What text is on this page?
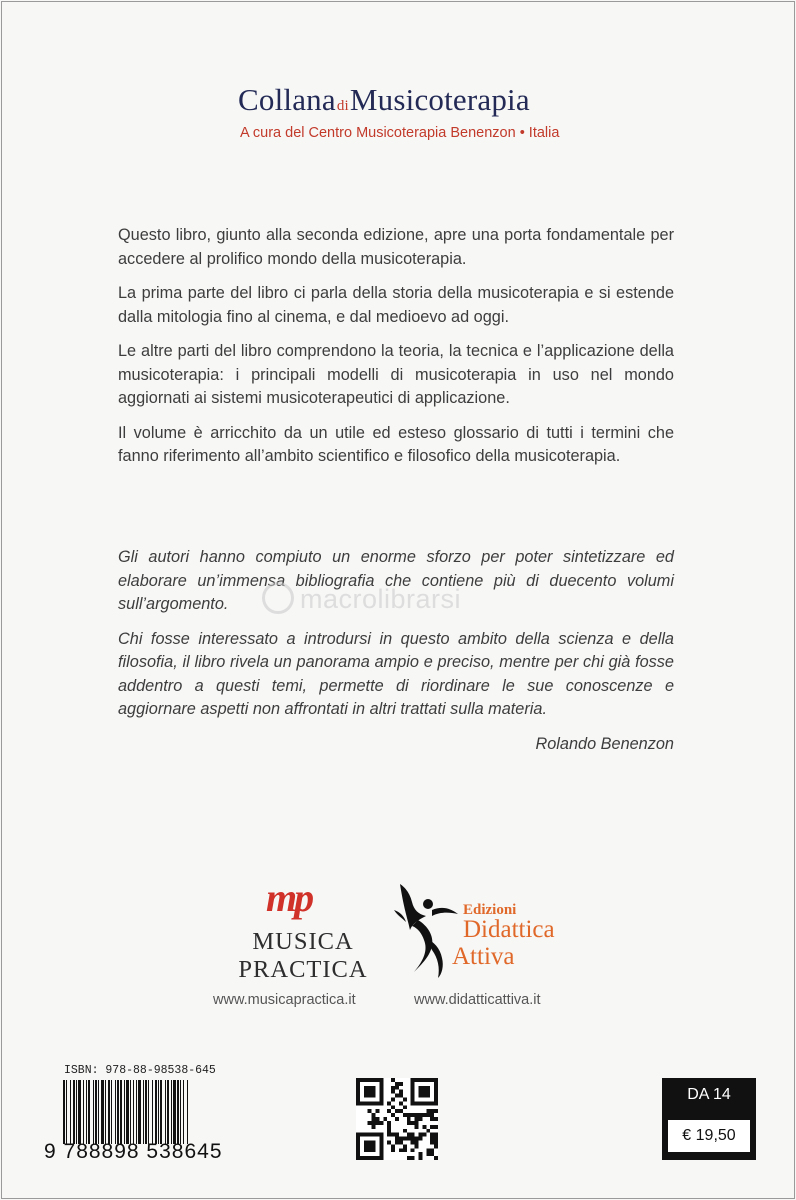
CollanadiMusicoterapia
A cura del Centro Musicoterapia Benenzon • Italia

Questo libro, giunto alla seconda edizione, apre una porta fondamentale per accedere al prolifico mondo della musicoterapia.

La prima parte del libro ci parla della storia della musicoterapia e si estende dalla mitologia fino al cinema, e dal medioevo ad oggi.

Le altre parti del libro comprendono la teoria, la tecnica e l’applicazione della musicoterapia: i principali modelli di musicoterapia in uso nel mondo aggiornati ai sistemi musicoterapeutici di applicazione.

Il volume è arricchito da un utile ed esteso glossario di tutti i termini che fanno riferimento all’ambito scientifico e filosofico della musicoterapia.

Gli autori hanno compiuto un enorme sforzo per poter sintetizzare ed elaborare un’immensa bibliografia che contiene più di duecento volumi sull’argomento.

Chi fosse interessato a introdursi in questo ambito della scienza e della filosofia, il libro rivela un panorama ampio e preciso, mentre per chi già fosse addentro a questi temi, permette di riordinare le sue conoscenze e aggiornare aspetti non affrontati in altri trattati sulla materia.

Rolando Benenzon

macrolibrarsi
mp
MUSICA
PRACTICA
www.musicapractica.it
Edizioni
Didattica
Attiva
www.didatticattiva.it
ISBN: 978-88-98538-645
9 788898 538645
DA 14
€ 19,50
